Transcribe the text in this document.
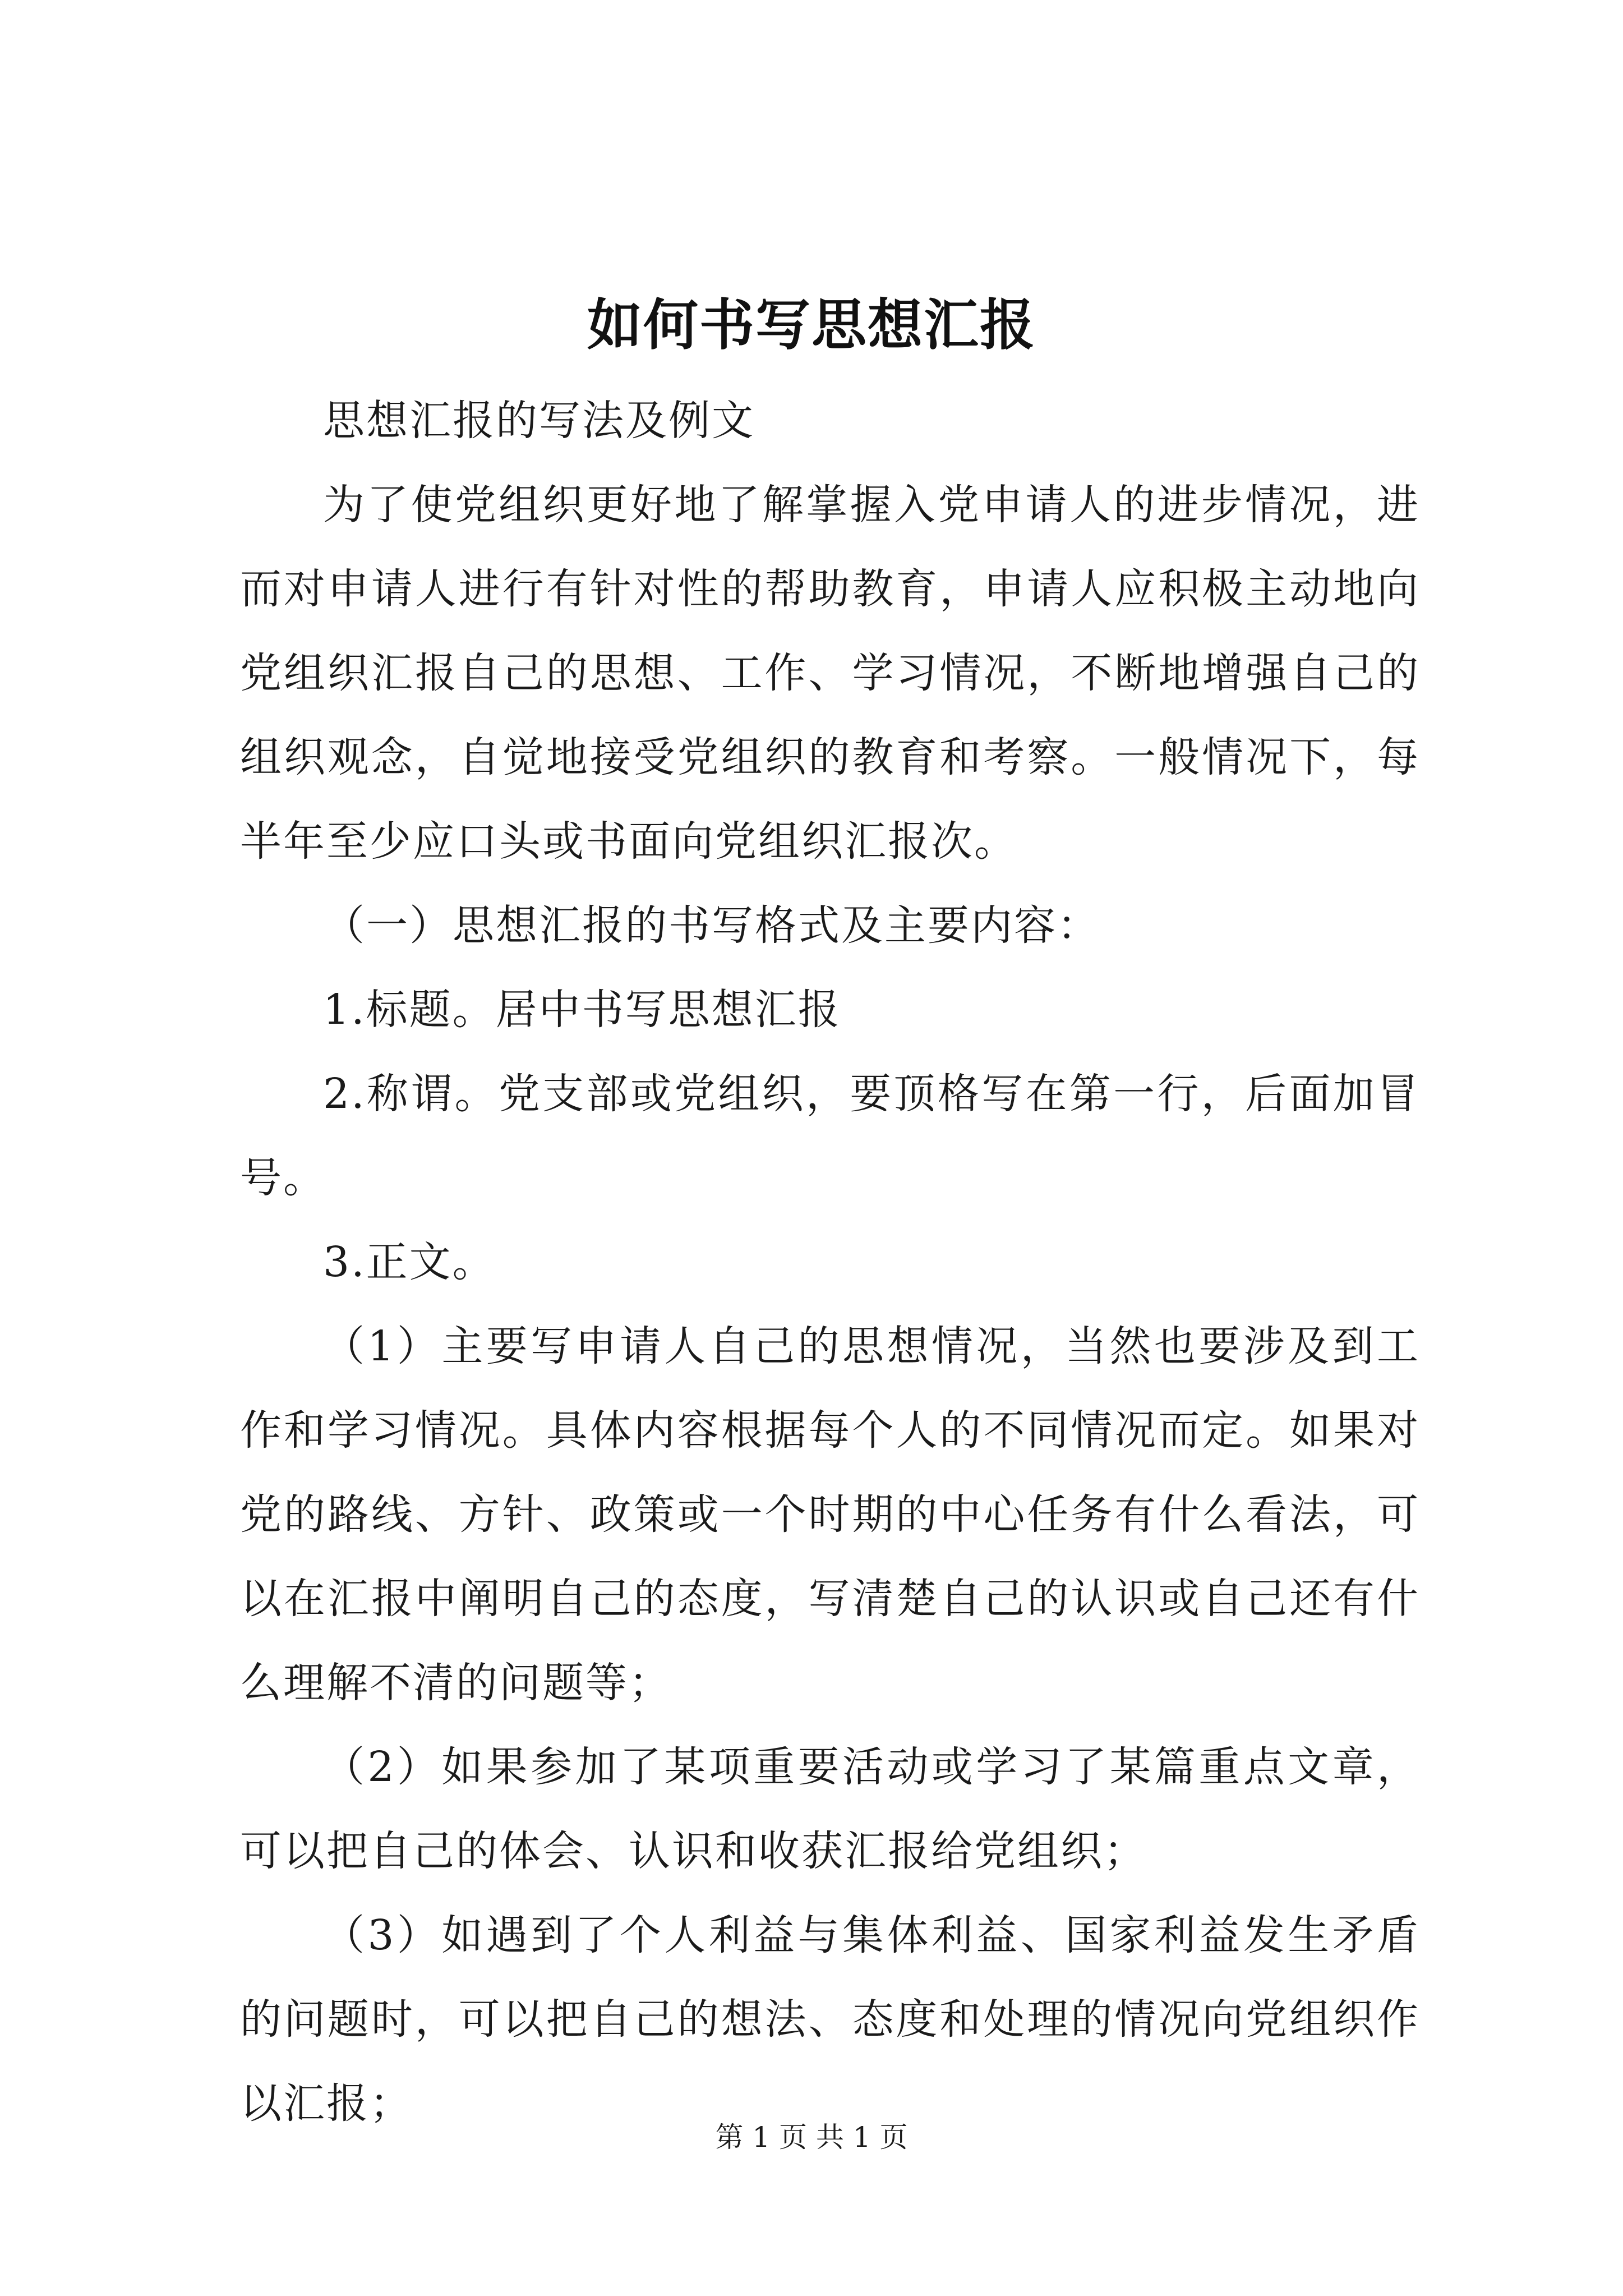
如何书写思想汇报

思想汇报的写法及例文

为了使党组织更好地了解掌握入党申请人的进步情况，进而对申请人进行有针对性的帮助教育，申请人应积极主动地向党组织汇报自己的思想、工作、学习情况，不断地增强自己的组织观念，自觉地接受党组织的教育和考察。一般情况下，每半年至少应口头或书面向党组织汇报次。

（一）思想汇报的书写格式及主要内容：

1.标题。居中书写思想汇报

2.称谓。党支部或党组织，要顶格写在第一行，后面加冒号。

3.正文。

（1）主要写申请人自己的思想情况，当然也要涉及到工作和学习情况。具体内容根据每个人的不同情况而定。如果对党的路线、方针、政策或一个时期的中心任务有什么看法，可以在汇报中阐明自己的态度，写清楚自己的认识或自己还有什么理解不清的问题等；

（2）如果参加了某项重要活动或学习了某篇重点文章，可以把自己的体会、认识和收获汇报给党组织；

（3）如遇到了个人利益与集体利益、国家利益发生矛盾的问题时，可以把自己的想法、态度和处理的情况向党组织作以汇报；

第 1 页 共 1 页
